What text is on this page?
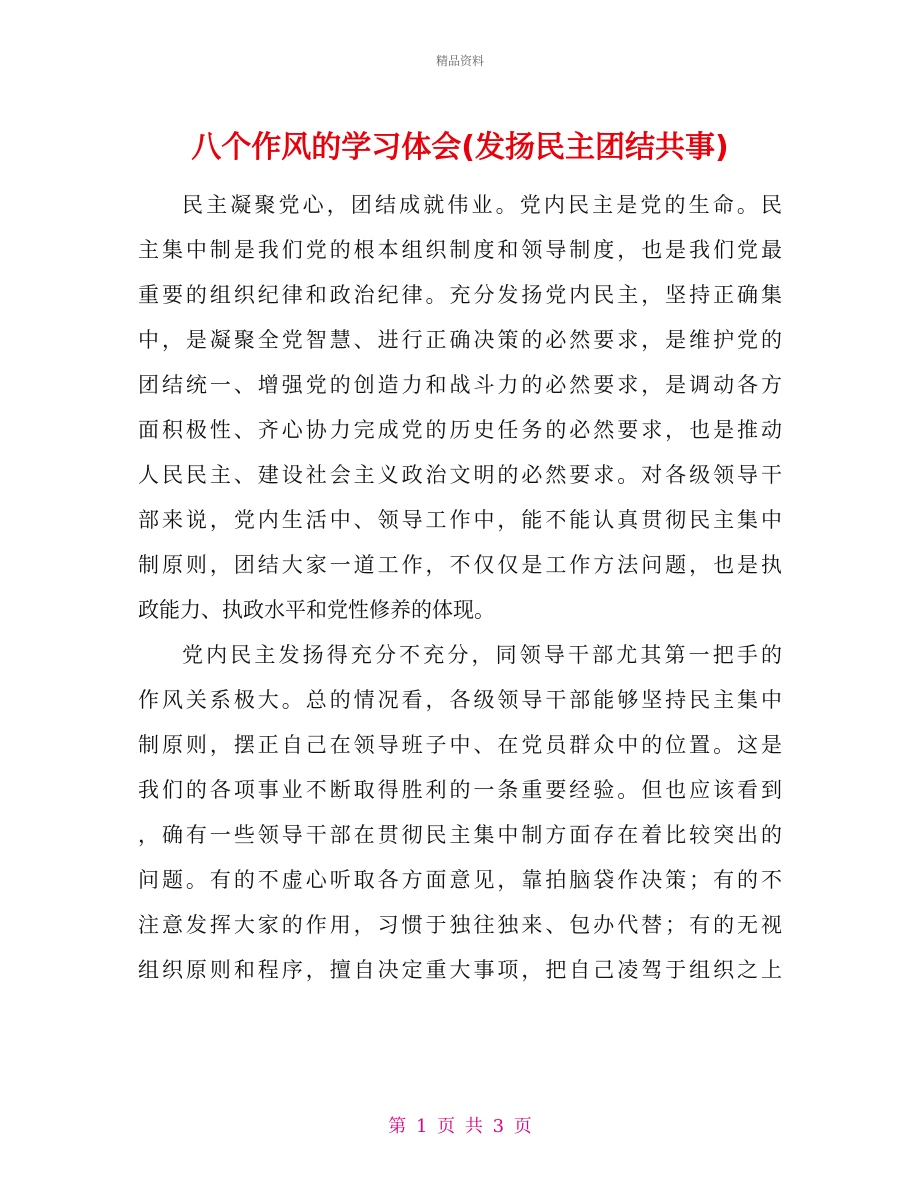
精品资料
八个作风的学习体会(发扬民主团结共事)
民主凝聚党心，团结成就伟业。党内民主是党的生命。民
主集中制是我们党的根本组织制度和领导制度，也是我们党最
重要的组织纪律和政治纪律。充分发扬党内民主，坚持正确集
中，是凝聚全党智慧、进行正确决策的必然要求，是维护党的
团结统一、增强党的创造力和战斗力的必然要求，是调动各方
面积极性、齐心协力完成党的历史任务的必然要求，也是推动
人民民主、建设社会主义政治文明的必然要求。对各级领导干
部来说，党内生活中、领导工作中，能不能认真贯彻民主集中
制原则，团结大家一道工作，不仅仅是工作方法问题，也是执
政能力、执政水平和党性修养的体现。
党内民主发扬得充分不充分，同领导干部尤其第一把手的
作风关系极大。总的情况看，各级领导干部能够坚持民主集中
制原则，摆正自己在领导班子中、在党员群众中的位置。这是
我们的各项事业不断取得胜利的一条重要经验。但也应该看到
，确有一些领导干部在贯彻民主集中制方面存在着比较突出的
问题。有的不虚心听取各方面意见，靠拍脑袋作决策；有的不
注意发挥大家的作用，习惯于独往独来、包办代替；有的无视
组织原则和程序，擅自决定重大事项，把自己凌驾于组织之上
第 1 页 共 3 页
